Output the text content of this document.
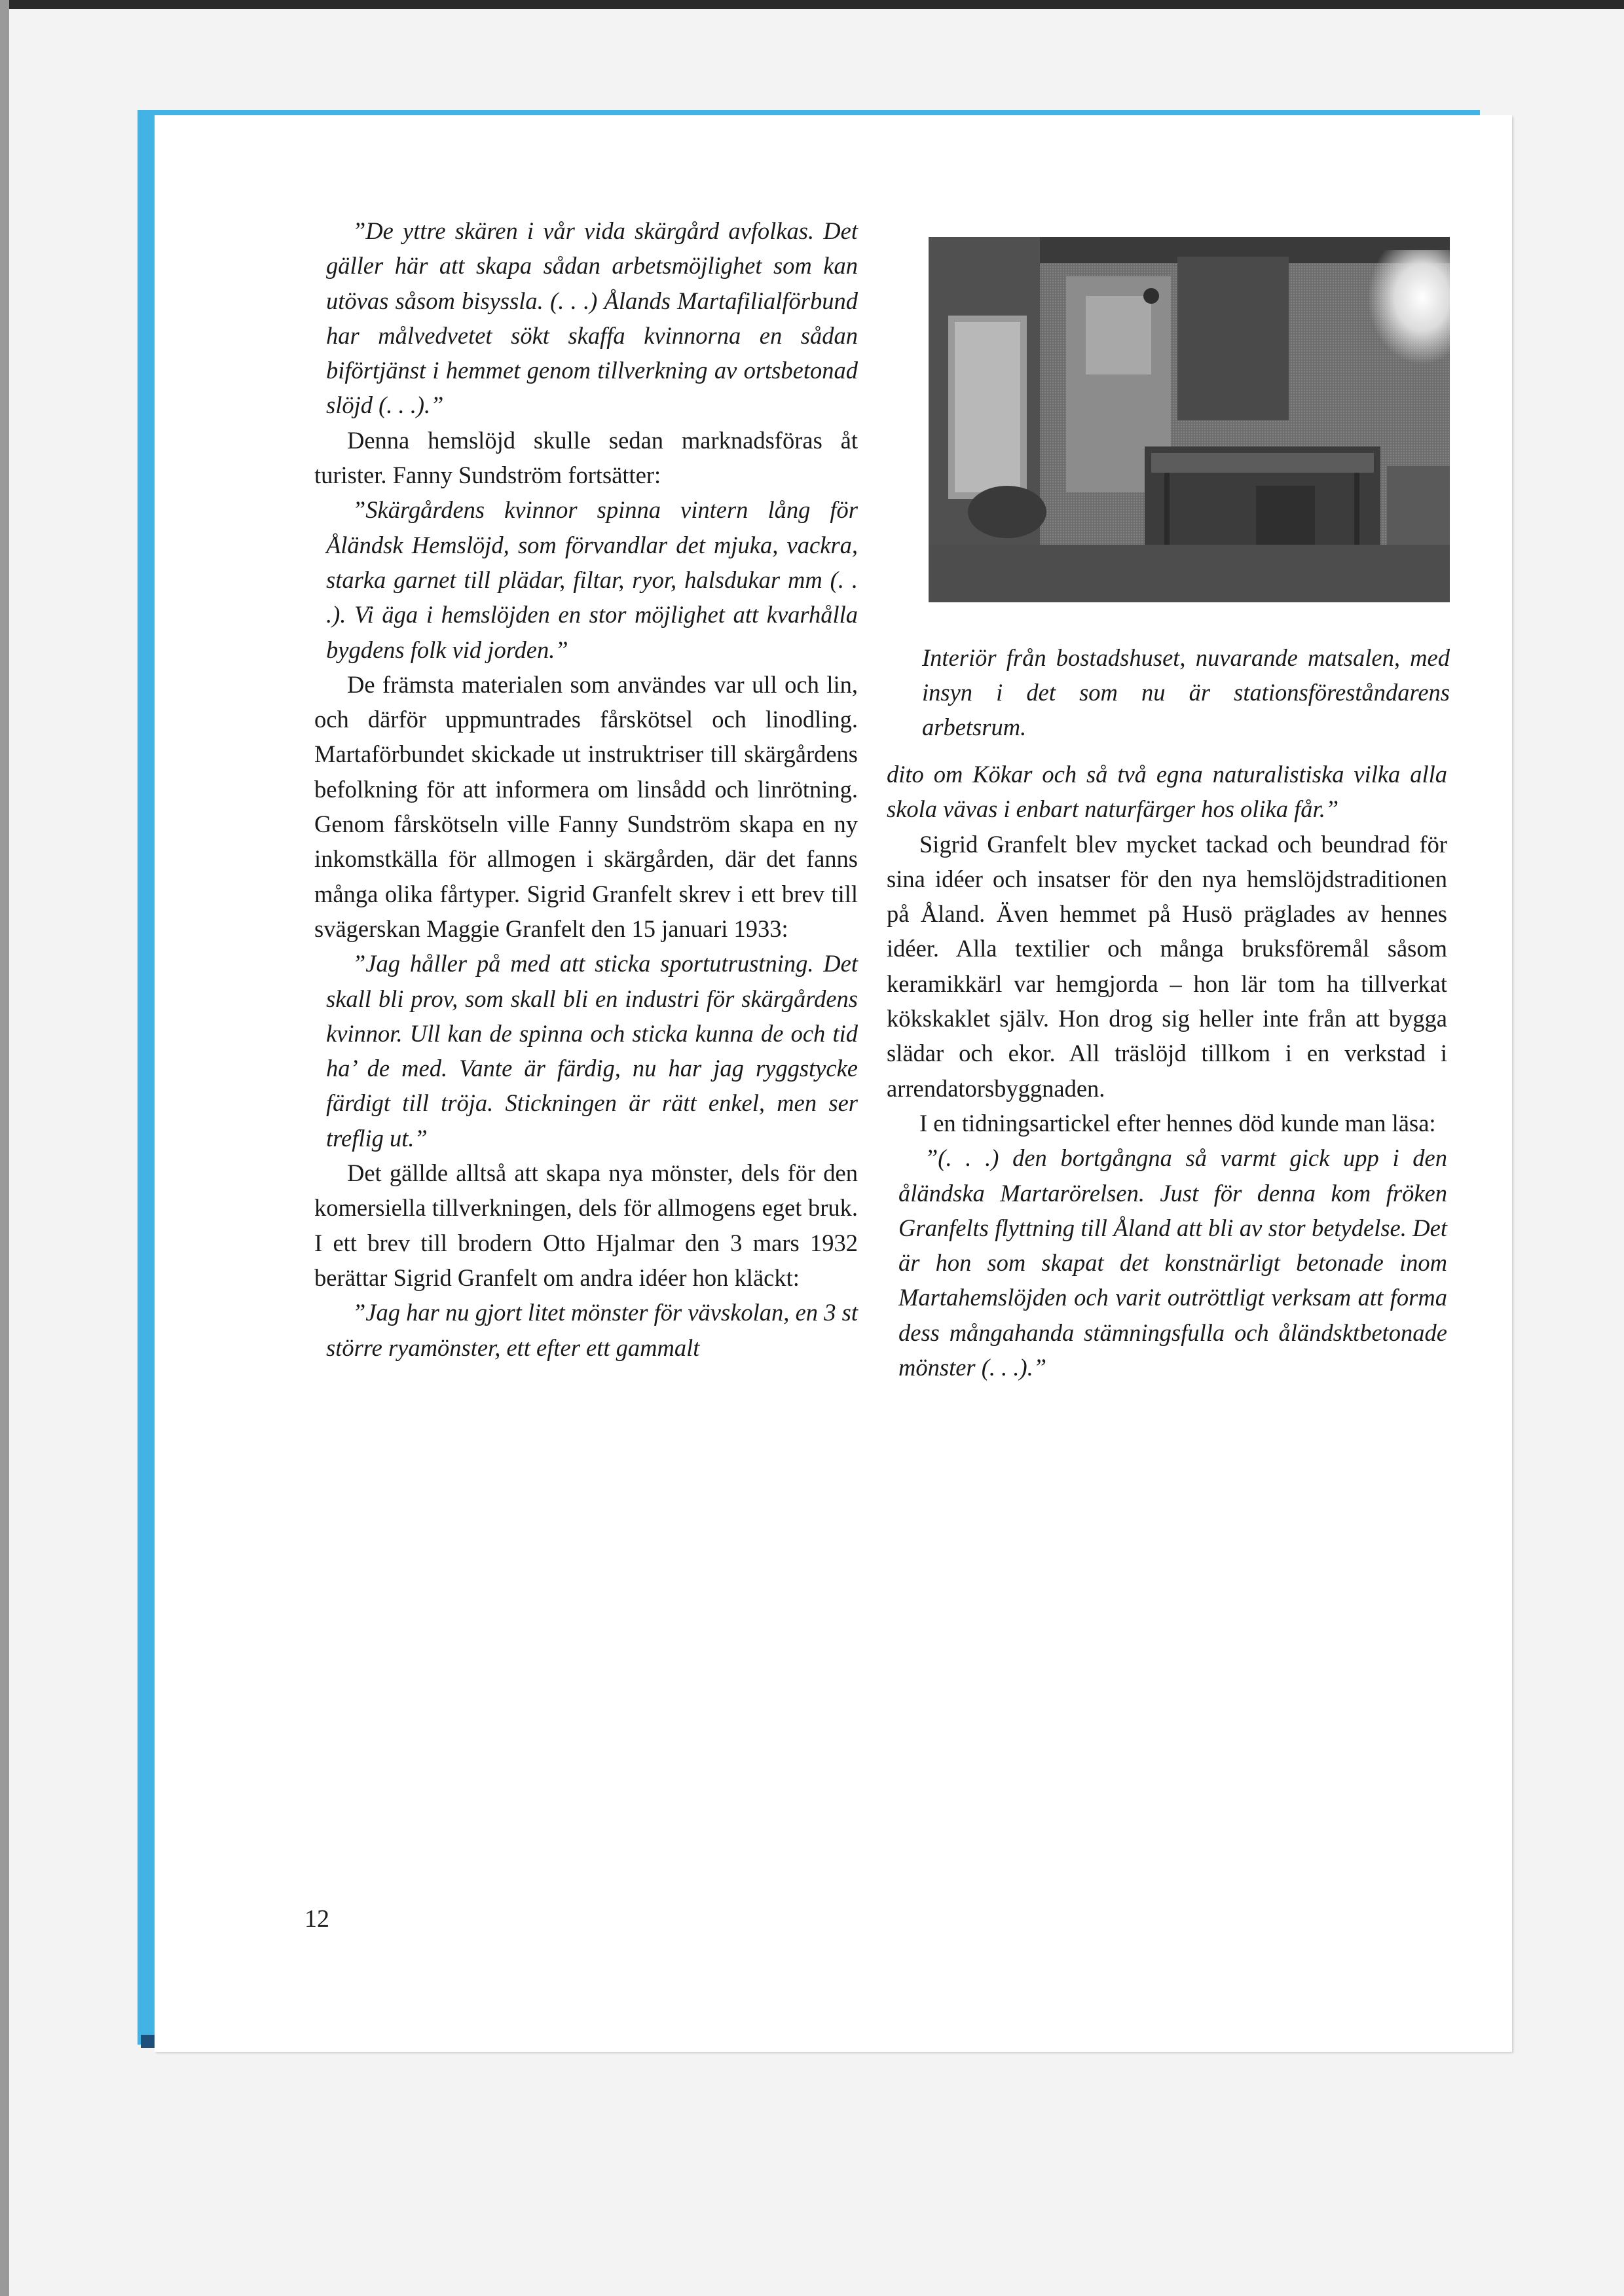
”De yttre skären i vår vida skärgård avfolkas. Det gäller här att skapa sådan arbetsmöjlighet som kan utövas såsom bisyssla. (. . .) Ålands Martafilialförbund har målvedvetet sökt skaffa kvinnorna en sådan biförtjänst i hemmet genom tillverkning av ortsbetonad slöjd (. . .).”

Denna hemslöjd skulle sedan marknadsföras åt turister. Fanny Sundström fortsätter:

”Skärgårdens kvinnor spinna vintern lång för Åländsk Hemslöjd, som förvandlar det mjuka, vackra, starka garnet till plädar, filtar, ryor, halsdukar mm (. . .). Vi äga i hemslöjden en stor möjlighet att kvarhålla bygdens folk vid jorden.”

De främsta materialen som användes var ull och lin, och därför uppmuntrades fårskötsel och linodling. Martaförbundet skickade ut instruktriser till skärgårdens befolkning för att informera om linsådd och linrötning. Genom fårskötseln ville Fanny Sundström skapa en ny inkomstkälla för allmogen i skärgården, där det fanns många olika fårtyper. Sigrid Granfelt skrev i ett brev till svägerskan Maggie Granfelt den 15 januari 1933:

”Jag håller på med att sticka sportutrustning. Det skall bli prov, som skall bli en industri för skärgårdens kvinnor. Ull kan de spinna och sticka kunna de och tid ha’ de med. Vante är färdig, nu har jag ryggstycke färdigt till tröja. Stickningen är rätt enkel, men ser treflig ut.”

Det gällde alltså att skapa nya mönster, dels för den komersiella tillverkningen, dels för allmogens eget bruk. I ett brev till brodern Otto Hjalmar den 3 mars 1932 berättar Sigrid Granfelt om andra idéer hon kläckt:

”Jag har nu gjort litet mönster för vävskolan, en 3 st större ryamönster, ett efter ett gammalt

Interiör från bostadshuset, nuvarande matsalen, med insyn i det som nu är stationsföreståndarens arbetsrum.

dito om Kökar och så två egna naturalistiska vilka alla skola vävas i enbart naturfärger hos olika får.”

Sigrid Granfelt blev mycket tackad och beundrad för sina idéer och insatser för den nya hemslöjdstraditionen på Åland. Även hemmet på Husö präglades av hennes idéer. Alla textilier och många bruksföremål såsom keramikkärl var hemgjorda – hon lär tom ha tillverkat kökskaklet själv. Hon drog sig heller inte från att bygga slädar och ekor. All träslöjd tillkom i en verkstad i arrendatorsbyggnaden.

I en tidningsartickel efter hennes död kunde man läsa:

”(. . .) den bortgångna så varmt gick upp i den åländska Martarörelsen. Just för denna kom fröken Granfelts flyttning till Åland att bli av stor betydelse. Det är hon som skapat det konstnärligt betonade inom Martahemslöjden och varit outröttligt verksam att forma dess mångahanda stämningsfulla och åländsktbetonade mönster (. . .).”

12
